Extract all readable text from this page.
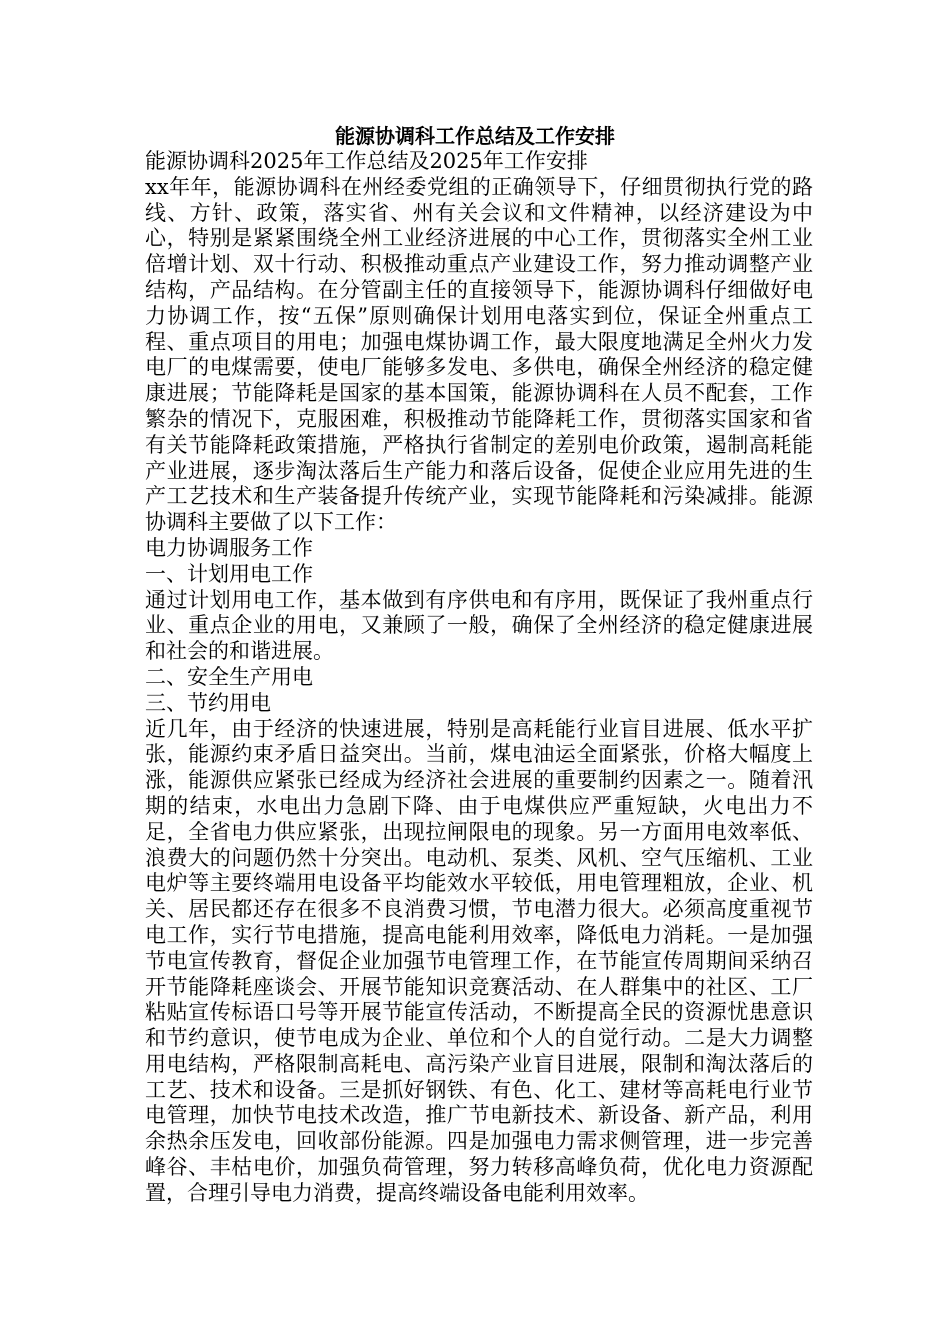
能源协调科工作总结及工作安排

能源协调科2025年工作总结及2025年工作安排

xx年年，能源协调科在州经委党组的正确领导下，仔细贯彻执行党的路线、方针、政策，落实省、州有关会议和文件精神，以经济建设为中心，特别是紧紧围绕全州工业经济进展的中心工作，贯彻落实全州工业倍增计划、双十行动、积极推动重点产业建设工作，努力推动调整产业结构，产品结构。在分管副主任的直接领导下，能源协调科仔细做好电力协调工作，按“五保”原则确保计划用电落实到位，保证全州重点工程、重点项目的用电；加强电煤协调工作，最大限度地满足全州火力发电厂的电煤需要，使电厂能够多发电、多供电，确保全州经济的稳定健康进展；节能降耗是国家的基本国策，能源协调科在人员不配套，工作繁杂的情况下，克服困难，积极推动节能降耗工作，贯彻落实国家和省有关节能降耗政策措施，严格执行省制定的差别电价政策，遏制高耗能产业进展，逐步淘汰落后生产能力和落后设备，促使企业应用先进的生产工艺技术和生产装备提升传统产业，实现节能降耗和污染减排。能源协调科主要做了以下工作：

电力协调服务工作

一、计划用电工作

通过计划用电工作，基本做到有序供电和有序用，既保证了我州重点行业、重点企业的用电，又兼顾了一般，确保了全州经济的稳定健康进展和社会的和谐进展。

二、安全生产用电

三、节约用电

近几年，由于经济的快速进展，特别是高耗能行业盲目进展、低水平扩张，能源约束矛盾日益突出。当前，煤电油运全面紧张，价格大幅度上涨，能源供应紧张已经成为经济社会进展的重要制约因素之一。随着汛期的结束，水电出力急剧下降、由于电煤供应严重短缺，火电出力不足，全省电力供应紧张，出现拉闸限电的现象。另一方面用电效率低、浪费大的问题仍然十分突出。电动机、泵类、风机、空气压缩机、工业电炉等主要终端用电设备平均能效水平较低，用电管理粗放，企业、机关、居民都还存在很多不良消费习惯，节电潜力很大。必须高度重视节电工作，实行节电措施，提高电能利用效率，降低电力消耗。一是加强节电宣传教育，督促企业加强节电管理工作，在节能宣传周期间采纳召开节能降耗座谈会、开展节能知识竞赛活动、在人群集中的社区、工厂粘贴宣传标语口号等开展节能宣传活动，不断提高全民的资源忧患意识和节约意识，使节电成为企业、单位和个人的自觉行动。二是大力调整用电结构，严格限制高耗电、高污染产业盲目进展，限制和淘汰落后的工艺、技术和设备。三是抓好钢铁、有色、化工、建材等高耗电行业节电管理，加快节电技术改造，推广节电新技术、新设备、新产品，利用余热余压发电，回收部份能源。四是加强电力需求侧管理，进一步完善峰谷、丰枯电价，加强负荷管理，努力转移高峰负荷，优化电力资源配置，合理引导电力消费，提高终端设备电能利用效率。
